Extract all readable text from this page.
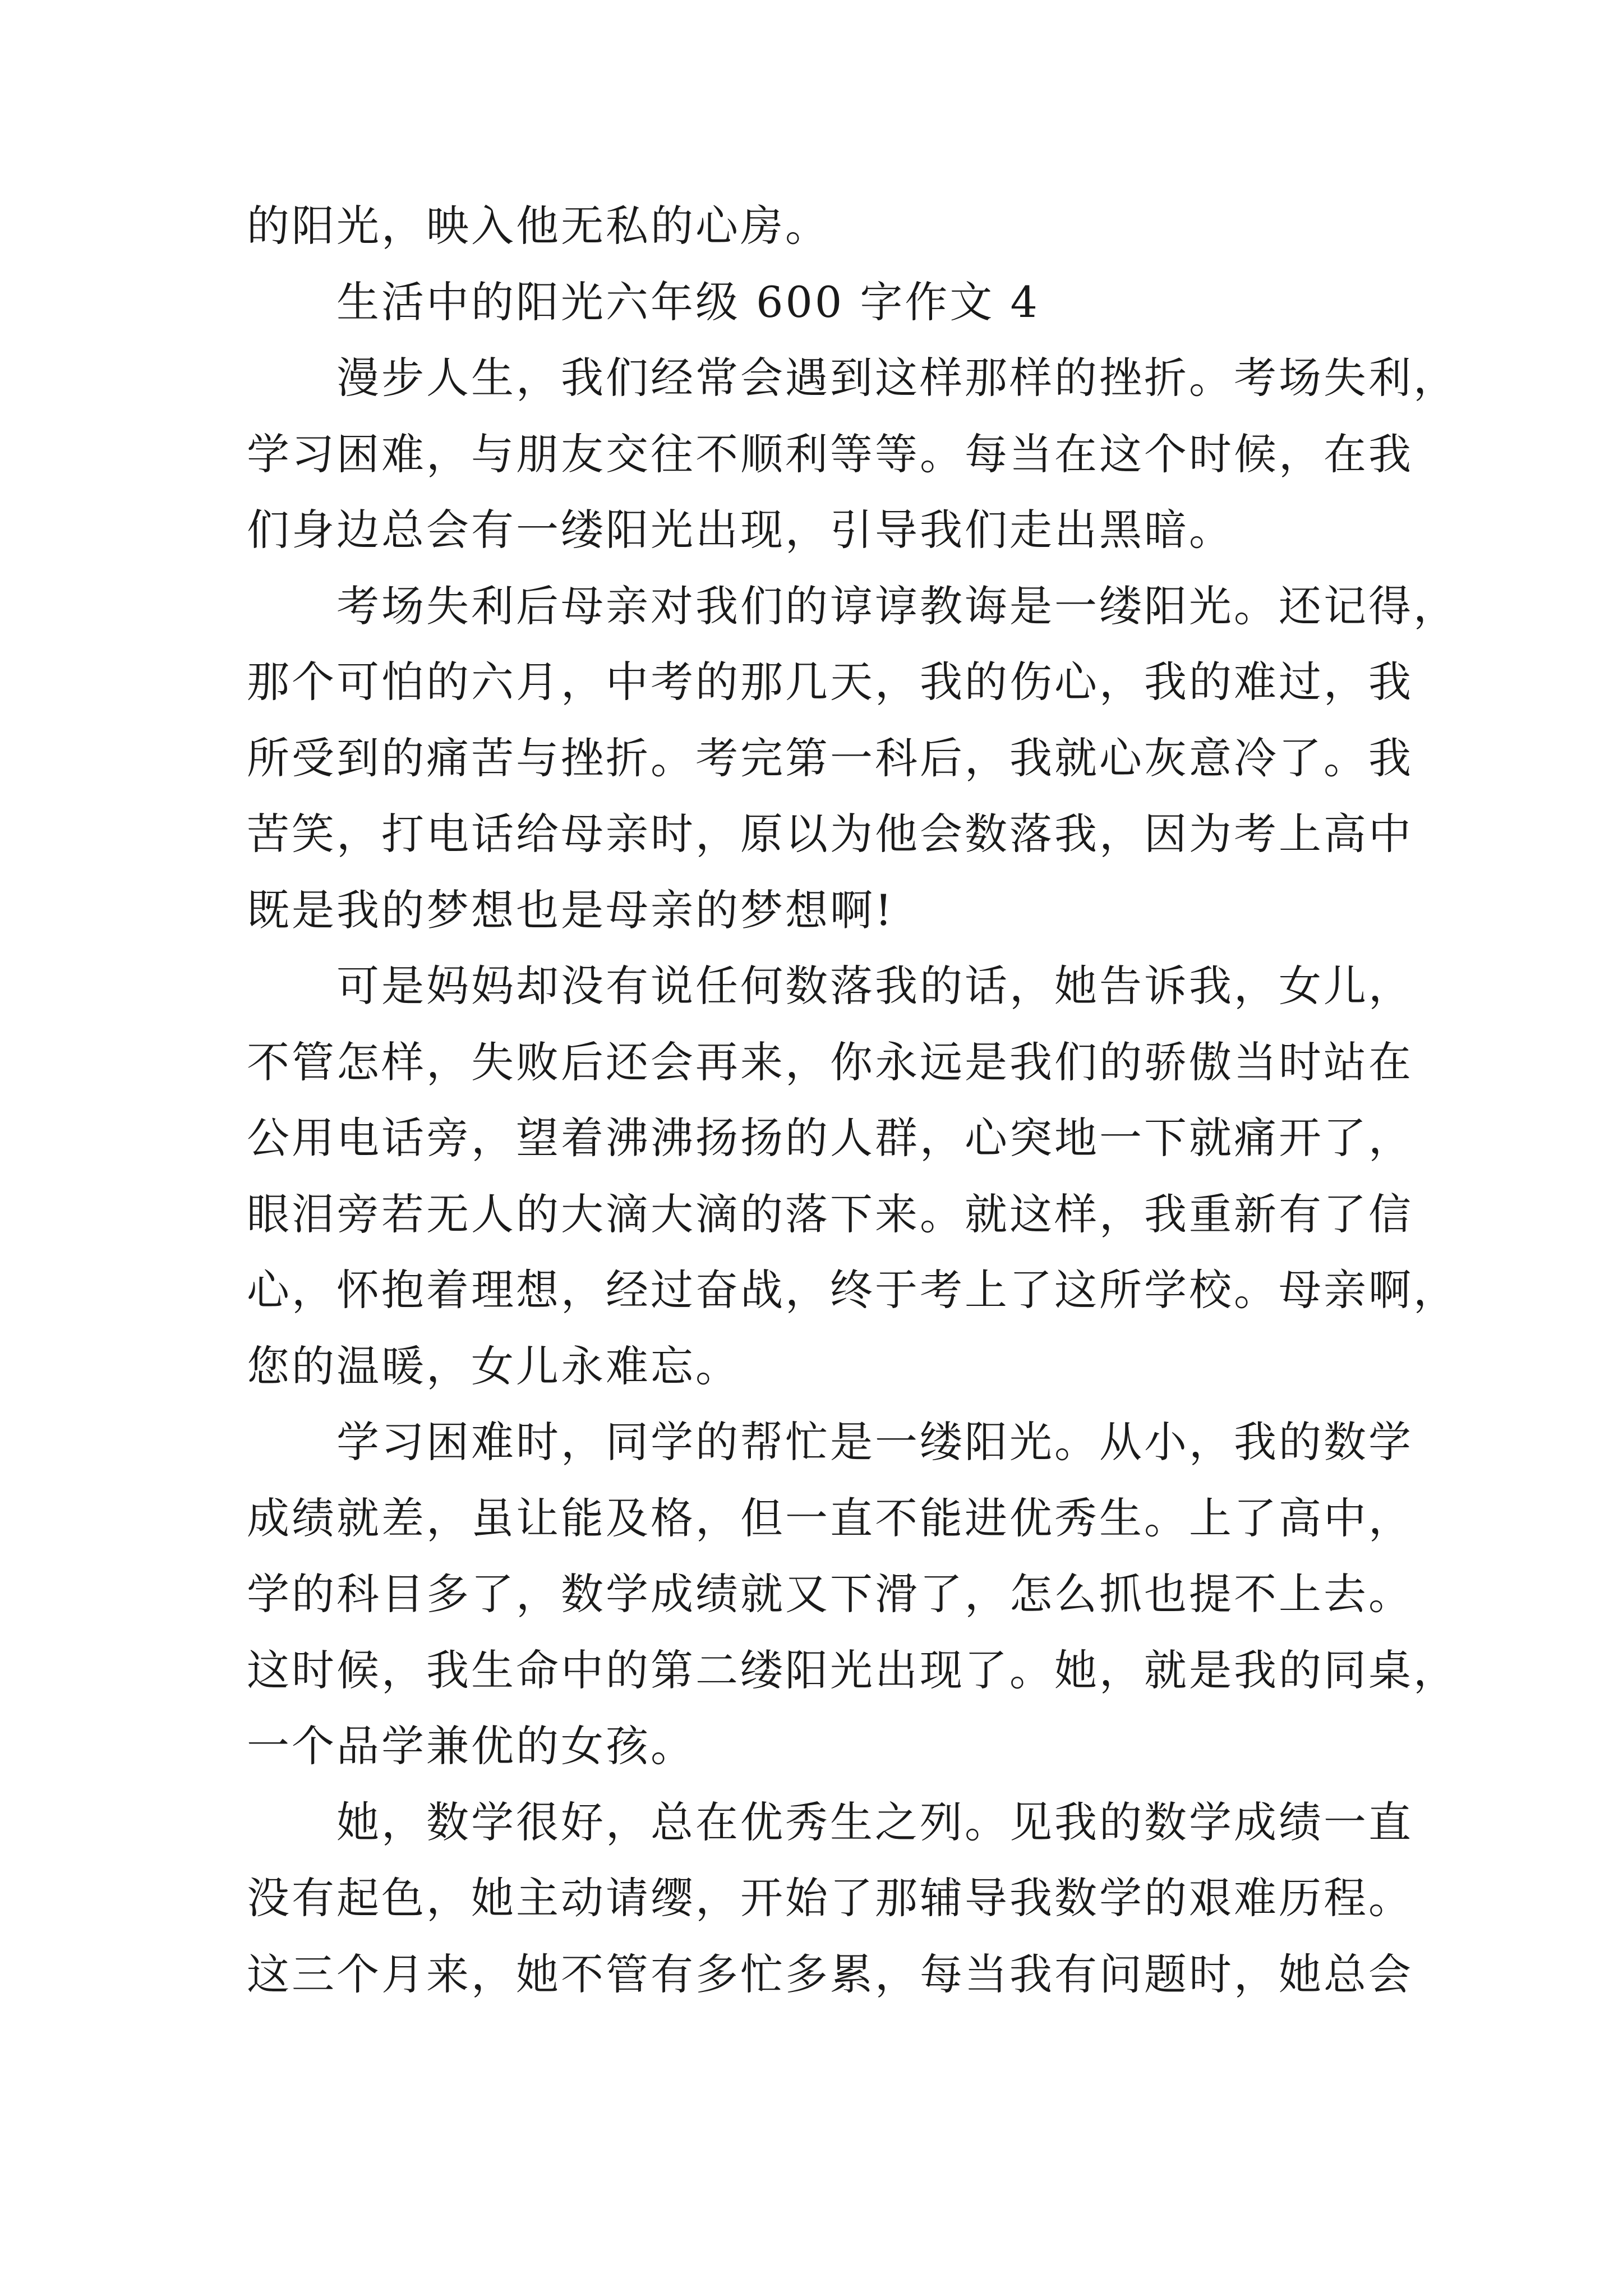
的阳光，映入他无私的心房。
生活中的阳光六年级 600 字作文 4
漫步人生，我们经常会遇到这样那样的挫折。考场失利，
学习困难，与朋友交往不顺利等等。每当在这个时候，在我
们身边总会有一缕阳光出现，引导我们走出黑暗。
考场失利后母亲对我们的谆谆教诲是一缕阳光。还记得，
那个可怕的六月，中考的那几天，我的伤心，我的难过，我
所受到的痛苦与挫折。考完第一科后，我就心灰意冷了。我
苦笑，打电话给母亲时，原以为他会数落我，因为考上高中
既是我的梦想也是母亲的梦想啊!
可是妈妈却没有说任何数落我的话，她告诉我，女儿，
不管怎样，失败后还会再来，你永远是我们的骄傲当时站在
公用电话旁，望着沸沸扬扬的人群，心突地一下就痛开了，
眼泪旁若无人的大滴大滴的落下来。就这样，我重新有了信
心，怀抱着理想，经过奋战，终于考上了这所学校。母亲啊，
您的温暖，女儿永难忘。
学习困难时，同学的帮忙是一缕阳光。从小，我的数学
成绩就差，虽让能及格，但一直不能进优秀生。上了高中，
学的科目多了，数学成绩就又下滑了，怎么抓也提不上去。
这时候，我生命中的第二缕阳光出现了。她，就是我的同桌，
一个品学兼优的女孩。
她，数学很好，总在优秀生之列。见我的数学成绩一直
没有起色，她主动请缨，开始了那辅导我数学的艰难历程。
这三个月来，她不管有多忙多累，每当我有问题时，她总会
